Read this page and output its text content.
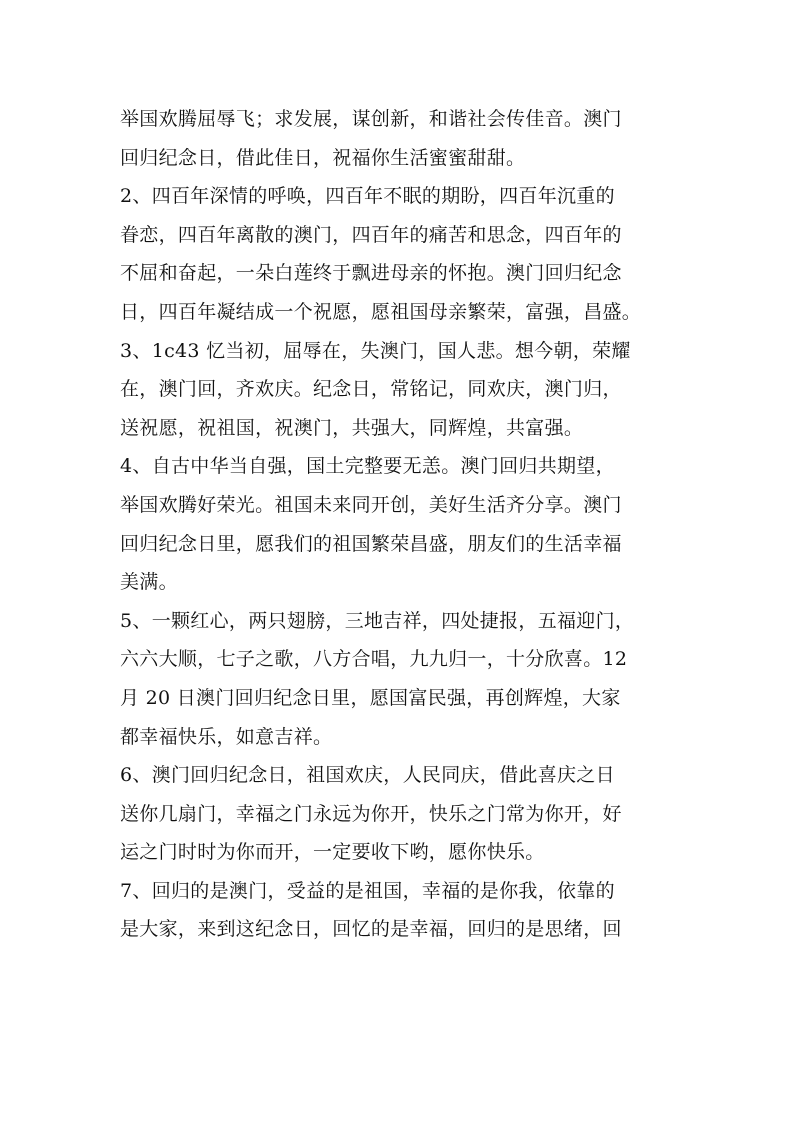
举国欢腾屈辱飞；求发展，谋创新，和谐社会传佳音。澳门
回归纪念日，借此佳日，祝福你生活蜜蜜甜甜。
2、四百年深情的呼唤，四百年不眠的期盼，四百年沉重的
眷恋，四百年离散的澳门，四百年的痛苦和思念，四百年的
不屈和奋起，一朵白莲终于飘进母亲的怀抱。澳门回归纪念
日，四百年凝结成一个祝愿，愿祖国母亲繁荣，富强，昌盛。
3、1c43 忆当初，屈辱在，失澳门，国人悲。想今朝，荣耀
在，澳门回，齐欢庆。纪念日，常铭记，同欢庆，澳门归，
送祝愿，祝祖国，祝澳门，共强大，同辉煌，共富强。
4、自古中华当自强，国土完整要无恙。澳门回归共期望，
举国欢腾好荣光。祖国未来同开创，美好生活齐分享。澳门
回归纪念日里，愿我们的祖国繁荣昌盛，朋友们的生活幸福
美满。
5、一颗红心，两只翅膀，三地吉祥，四处捷报，五福迎门，
六六大顺，七子之歌，八方合唱，九九归一，十分欣喜。12
月 20 日澳门回归纪念日里，愿国富民强，再创辉煌，大家
都幸福快乐，如意吉祥。
6、澳门回归纪念日，祖国欢庆，人民同庆，借此喜庆之日
送你几扇门，幸福之门永远为你开，快乐之门常为你开，好
运之门时时为你而开，一定要收下哟，愿你快乐。
7、回归的是澳门，受益的是祖国，幸福的是你我，依靠的
是大家，来到这纪念日，回忆的是幸福，回归的是思绪，回
